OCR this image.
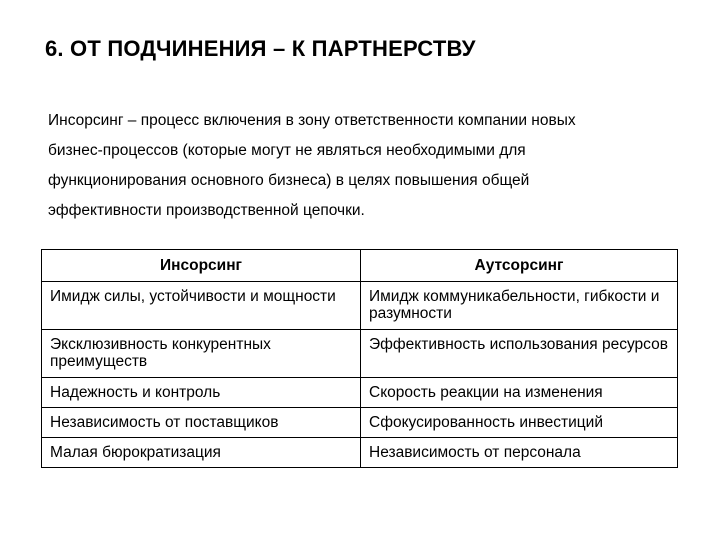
6. ОТ ПОДЧИНЕНИЯ – К ПАРТНЕРСТВУ
Инсорсинг – процесс включения в зону ответственности компании новых
бизнес-процессов (которые могут не являться необходимыми для
функционирования основного бизнеса) в целях повышения общей
эффективности производственной цепочки.
Инсорсинг	Аутсорсинг
Имидж силы, устойчивости и мощности	Имидж коммуникабельности, гибкости и разумности
Эксклюзивность конкурентных преимуществ	Эффективность использования ресурсов
Надежность и контроль	Скорость реакции на изменения
Независимость от поставщиков	Сфокусированность инвестиций
Малая бюрократизация	Независимость от персонала
